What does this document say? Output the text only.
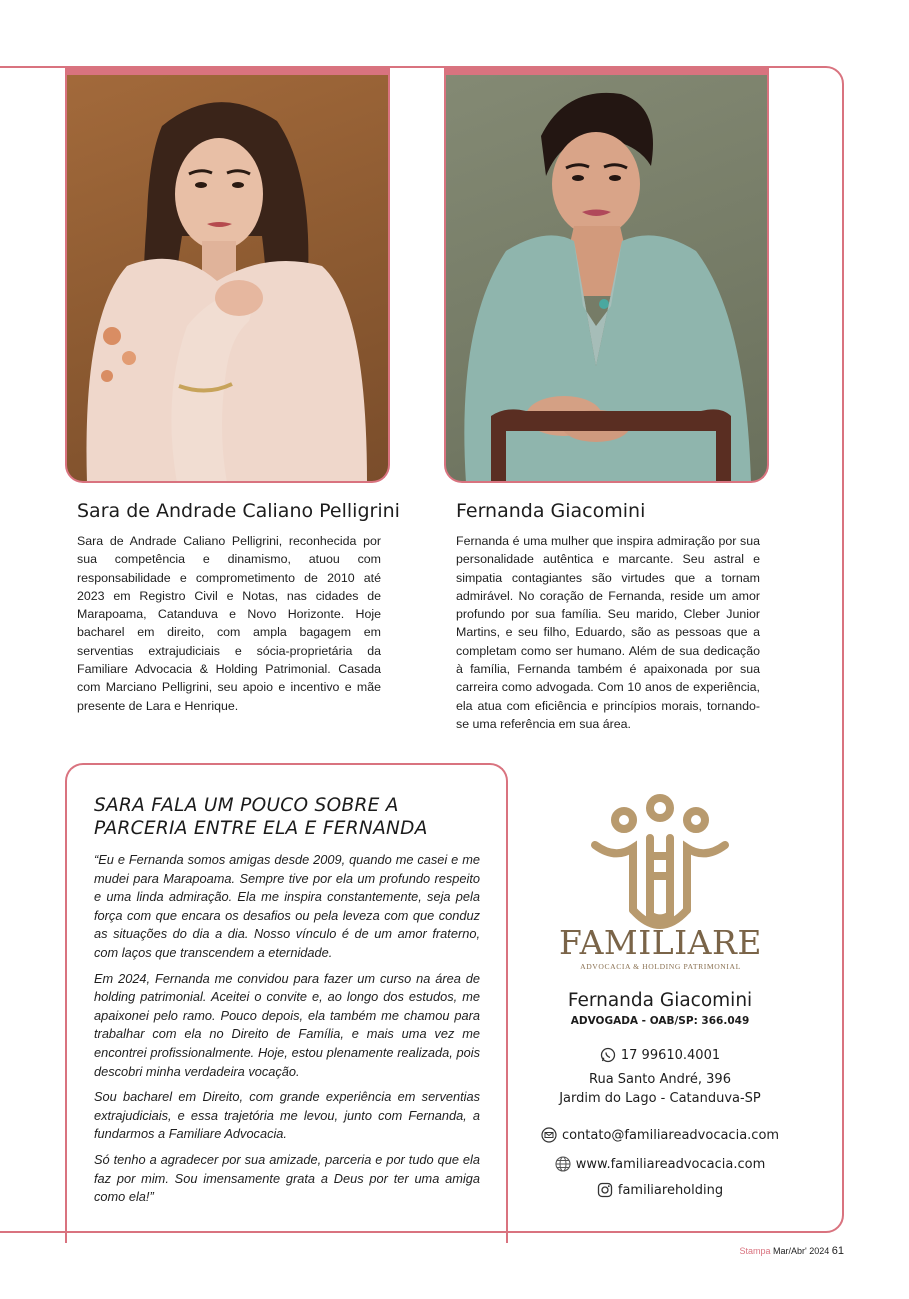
Sara de Andrade Caliano Pelligrini
Sara de Andrade Caliano Pelligrini, reconhecida por sua competência e dinamismo, atuou com responsabilidade e comprometimento de 2010 até 2023 em Registro Civil e Notas, nas cidades de Marapoama, Catanduva e Novo Horizonte. Hoje bacharel em direito, com ampla bagagem em serventias extrajudiciais e sócia-proprietária da Familiare Advocacia & Holding Patrimonial. Casada com Marciano Pelligrini, seu apoio e incentivo e mãe presente de Lara e Henrique.
Fernanda Giacomini
Fernanda é uma mulher que inspira admiração por sua personalidade autêntica e marcante. Seu astral e simpatia contagiantes são virtudes que a tornam admirável. No coração de Fernanda, reside um amor profundo por sua família. Seu marido, Cleber Junior Martins, e seu filho, Eduardo, são as pessoas que a completam como ser humano. Além de sua dedicação à família, Fernanda também é apaixonada por sua carreira como advogada. Com 10 anos de experiência, ela atua com eficiência e princípios morais, tornando-se uma referência em sua área.
SARA FALA UM POUCO SOBRE A PARCERIA ENTRE ELA E FERNANDA

“Eu e Fernanda somos amigas desde 2009, quando me casei e me mudei para Marapoama. Sempre tive por ela um profundo respeito e uma linda admiração. Ela me inspira constantemente, seja pela força com que encara os desafios ou pela leveza com que conduz as situações do dia a dia. Nosso vínculo é de um amor fraterno, com laços que transcendem a eternidade.

Em 2024, Fernanda me convidou para fazer um curso na área de holding patrimonial. Aceitei o convite e, ao longo dos estudos, me apaixonei pelo ramo. Pouco depois, ela também me chamou para trabalhar com ela no Direito de Família, e mais uma vez me encontrei profissionalmente. Hoje, estou plenamente realizada, pois descobri minha verdadeira vocação.

Sou bacharel em Direito, com grande experiência em serventias extrajudiciais, e essa trajetória me levou, junto com Fernanda, a fundarmos a Familiare Advocacia.

Só tenho a agradecer por sua amizade, parceria e por tudo que ela faz por mim. Sou imensamente grata a Deus por ter uma amiga como ela!”

FAMILIARE
ADVOCACIA & HOLDING PATRIMONIAL
Fernanda Giacomini
ADVOGADA - OAB/SP: 366.049
17 99610.4001
Rua Santo André, 396
Jardim do Lago - Catanduva-SP
contato@familiareadvocacia.com
www.familiareadvocacia.com
familiareholding
Stampa Mar/Abr' 2024 61
